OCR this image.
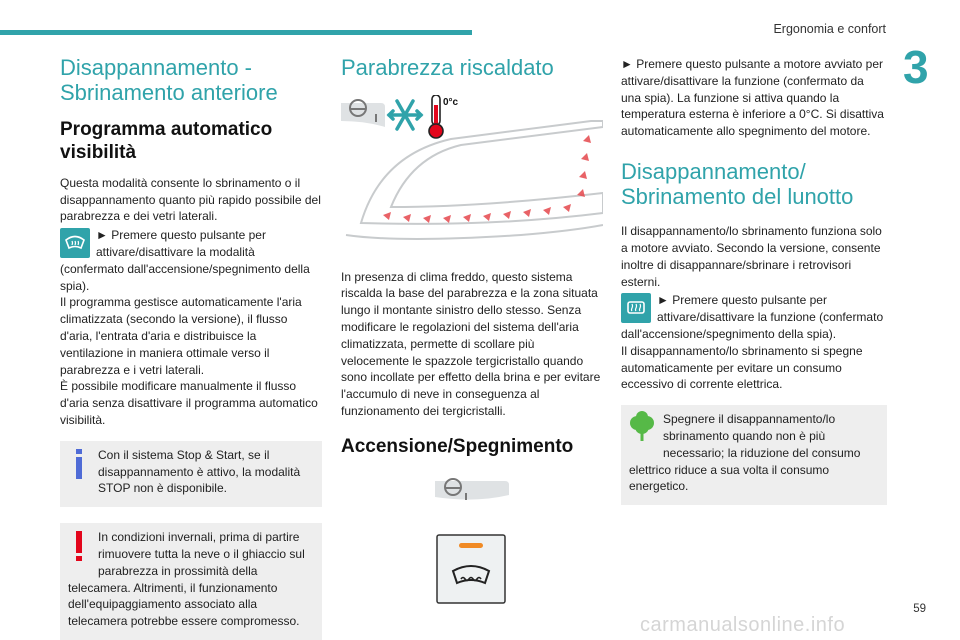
Ergonomia e confort
3
Disappannamento - Sbrinamento anteriore
Programma automatico visibilità
Questa modalità consente lo sbrinamento o il disappannamento quanto più rapido possibile del parabrezza e dei vetri laterali.
► Premere questo pulsante per attivare/disattivare la modalità (confermato dall'accensione/spegnimento della spia).
Il programma gestisce automaticamente l'aria climatizzata (secondo la versione), il flusso d'aria, l'entrata d'aria e distribuisce la ventilazione in maniera ottimale verso il parabrezza e i vetri laterali.
È possibile modificare manualmente il flusso d'aria senza disattivare il programma automatico visibilità.
Con il sistema Stop & Start, se il disappannamento è attivo, la modalità STOP non è disponibile.
In condizioni invernali, prima di partire rimuovere tutta la neve o il ghiaccio sul parabrezza in prossimità della telecamera. Altrimenti, il funzionamento dell'equipaggiamento associato alla telecamera potrebbe essere compromesso.
Parabrezza riscaldato
0°c
In presenza di clima freddo, questo sistema riscalda la base del parabrezza e la zona situata lungo il montante sinistro dello stesso. Senza modificare le regolazioni del sistema dell'aria climatizzata, permette di scollare più velocemente le spazzole tergicristallo quando sono incollate per effetto della brina e per evitare l'accumulo di neve in conseguenza al funzionamento dei tergicristalli.
Accensione/Spegnimento
► Premere questo pulsante a motore avviato per attivare/disattivare la funzione (confermato da una spia). La funzione si attiva quando la temperatura esterna è inferiore a 0°C. Si disattiva automaticamente allo spegnimento del motore.
Disappannamento/ Sbrinamento del lunotto
Il disappannamento/lo sbrinamento funziona solo a motore avviato. Secondo la versione, consente inoltre di disappannare/sbrinare i retrovisori esterni.
► Premere questo pulsante per attivare/disattivare la funzione (confermato dall'accensione/spegnimento della spia).
Il disappannamento/lo sbrinamento si spegne automaticamente per evitare un consumo eccessivo di corrente elettrica.
Spegnere il disappannamento/lo sbrinamento quando non è più necessario; la riduzione del consumo elettrico riduce a sua volta il consumo energetico.
59
carmanualsonline.info
